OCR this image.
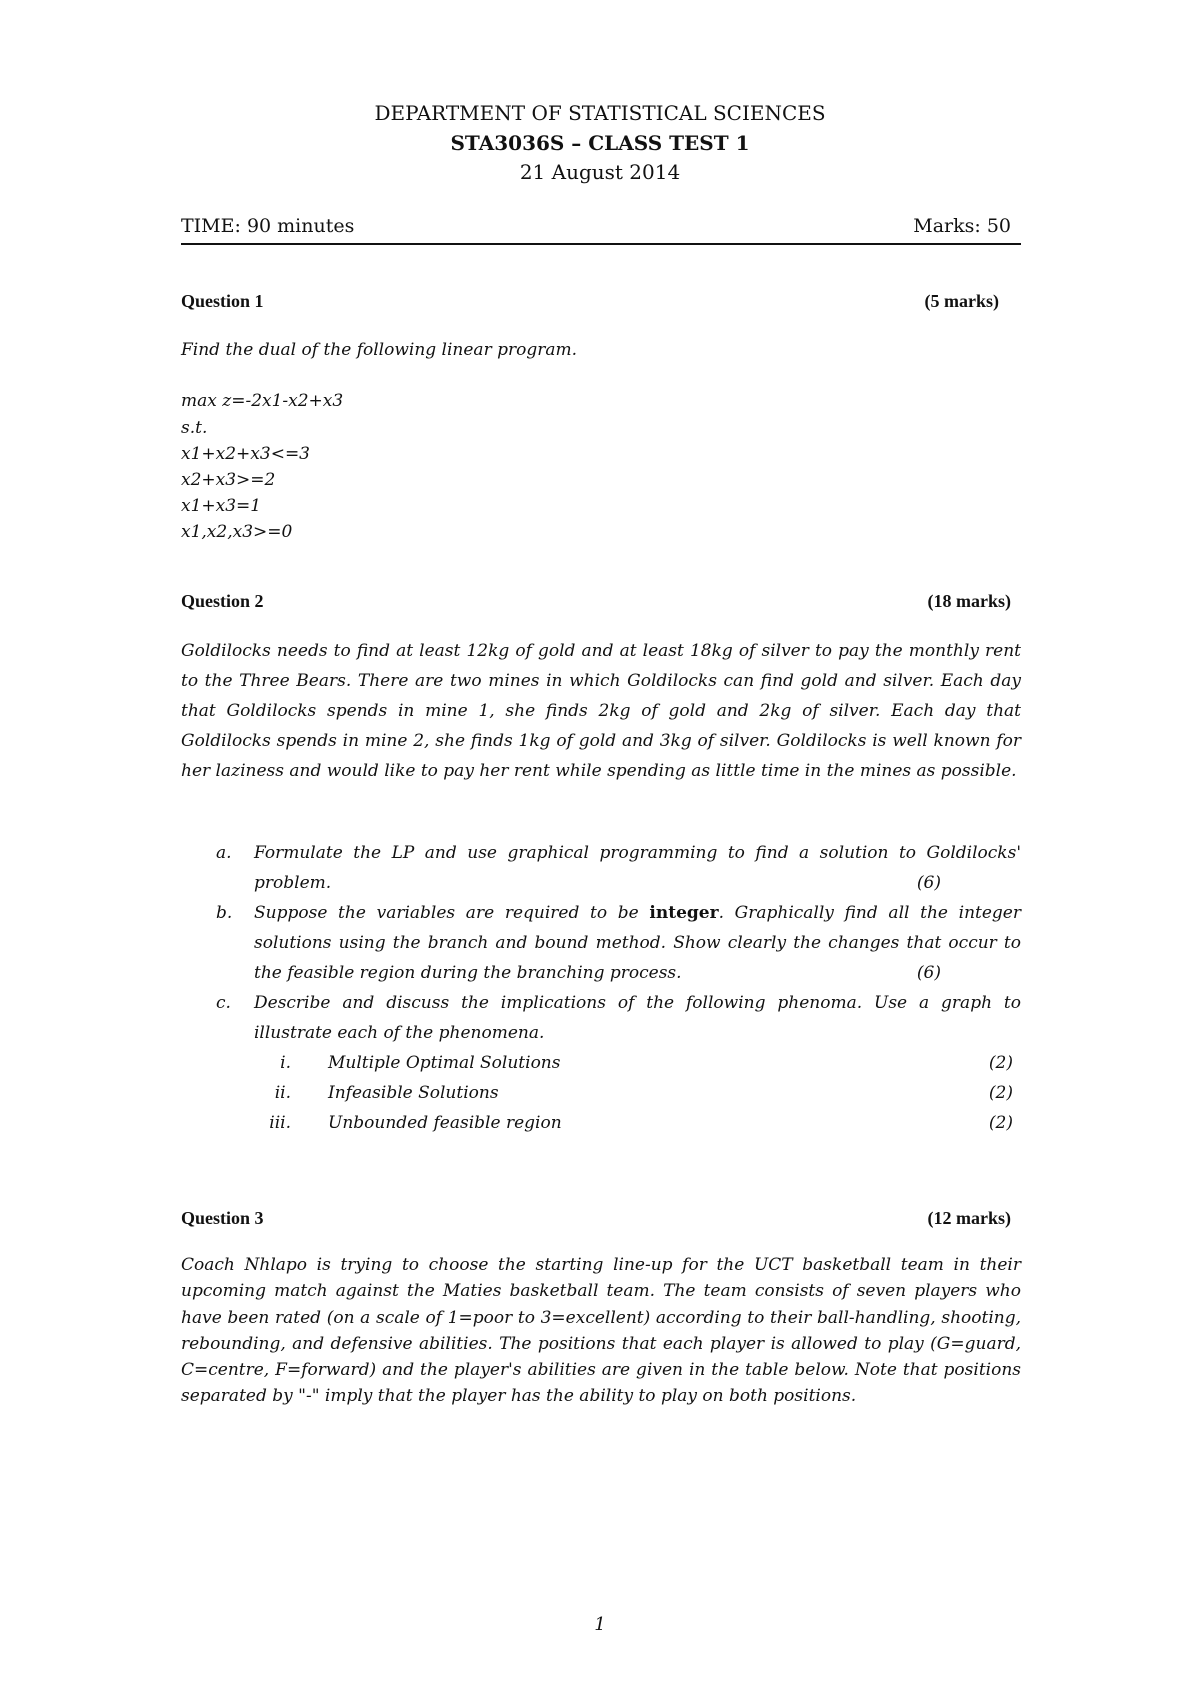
DEPARTMENT OF STATISTICAL SCIENCES
STA3036S – CLASS TEST 1
21 August 2014
TIME: 90 minutes	Marks: 50
Question 1	(5 marks)
Find the dual of the following linear program.
max z=-2x1-x2+x3
s.t.
x1+x2+x3<=3
x2+x3>=2
x1+x3=1
x1,x2,x3>=0
Question 2	(18 marks)
Goldilocks needs to find at least 12kg of gold and at least 18kg of silver to pay the monthly rent to the Three Bears. There are two mines in which Goldilocks can find gold and silver. Each day that Goldilocks spends in mine 1, she finds 2kg of gold and 2kg of silver. Each day that Goldilocks spends in mine 2, she finds 1kg of gold and 3kg of silver. Goldilocks is well known for her laziness and would like to pay her rent while spending as little time in the mines as possible.
a. Formulate the LP and use graphical programming to find a solution to Goldilocks' problem.	(6)
b. Suppose the variables are required to be integer. Graphically find all the integer solutions using the branch and bound method. Show clearly the changes that occur to the feasible region during the branching process.	(6)
c. Describe and discuss the implications of the following phenoma. Use a graph to illustrate each of the phenomena.
i. Multiple Optimal Solutions	(2)
ii. Infeasible Solutions	(2)
iii. Unbounded feasible region	(2)
Question 3	(12 marks)
Coach Nhlapo is trying to choose the starting line-up for the UCT basketball team in their upcoming match against the Maties basketball team. The team consists of seven players who have been rated (on a scale of 1=poor to 3=excellent) according to their ball-handling, shooting, rebounding, and defensive abilities. The positions that each player is allowed to play (G=guard, C=centre, F=forward) and the player's abilities are given in the table below. Note that positions separated by "-" imply that the player has the ability to play on both positions.
1
